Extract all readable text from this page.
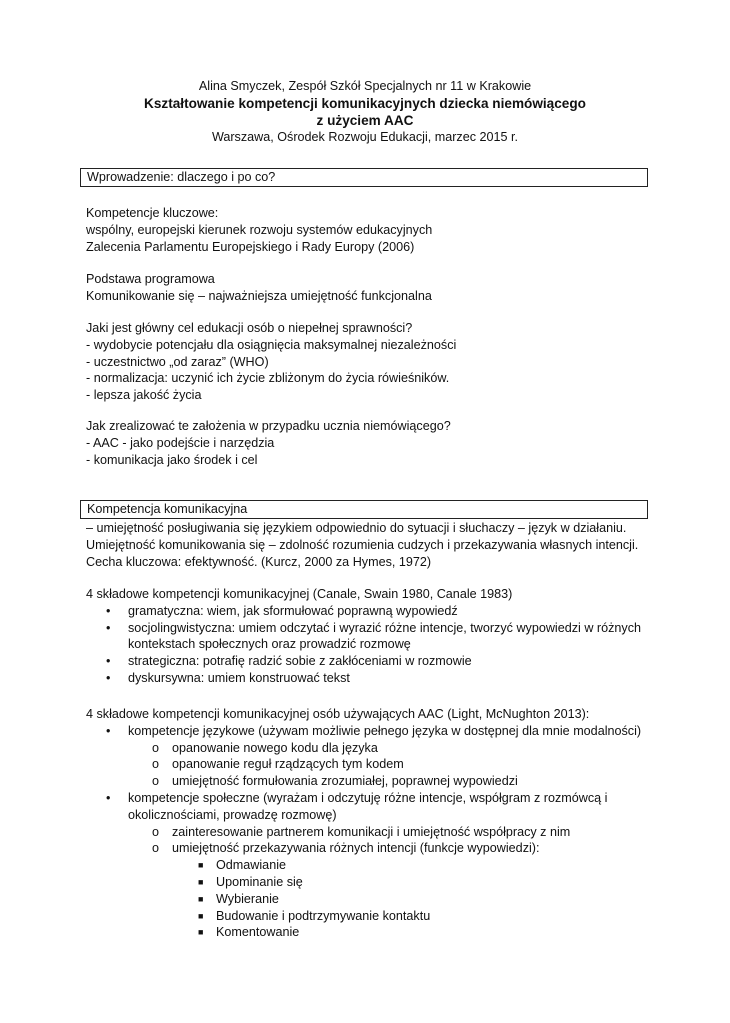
Alina Smyczek, Zespół Szkół Specjalnych nr 11 w Krakowie
Kształtowanie kompetencji komunikacyjnych dziecka niemówiącego
z użyciem AAC
Warszawa, Ośrodek Rozwoju Edukacji, marzec 2015 r.
Wprowadzenie: dlaczego i po co?
Kompetencje kluczowe:
wspólny, europejski kierunek rozwoju systemów edukacyjnych
Zalecenia Parlamentu Europejskiego i Rady Europy (2006)
Podstawa programowa
Komunikowanie się – najważniejsza umiejętność funkcjonalna
Jaki jest główny cel edukacji osób o niepełnej sprawności?
- wydobycie potencjału dla osiągnięcia maksymalnej niezależności
- uczestnictwo „od zaraz” (WHO)
- normalizacja: uczynić ich życie zbliżonym do życia rówieśników.
- lepsza jakość życia
Jak zrealizować te założenia w przypadku ucznia niemówiącego?
- AAC - jako podejście i narzędzia
- komunikacja jako środek i cel
Kompetencja komunikacyjna
– umiejętność posługiwania się językiem odpowiednio do sytuacji i słuchaczy – język w działaniu.
Umiejętność komunikowania się – zdolność rozumienia cudzych i przekazywania własnych intencji.
Cecha kluczowa: efektywność. (Kurcz, 2000 za Hymes, 1972)
4 składowe kompetencji komunikacyjnej (Canale, Swain 1980, Canale 1983)
• gramatyczna: wiem, jak sformułować poprawną wypowiedź
• socjolingwistyczna: umiem odczytać i wyrazić różne intencje, tworzyć wypowiedzi w różnych
kontekstach społecznych oraz prowadzić rozmowę
• strategiczna: potrafię radzić sobie z zakłóceniami w rozmowie
• dyskursywna: umiem konstruować tekst
4 składowe kompetencji komunikacyjnej osób używających AAC (Light, McNughton 2013):
• kompetencje językowe (używam możliwie pełnego języka w dostępnej dla mnie modalności)
o opanowanie nowego kodu dla języka
o opanowanie reguł rządzących tym kodem
o umiejętność formułowania zrozumiałej, poprawnej wypowiedzi
• kompetencje społeczne (wyrażam i odczytuję różne intencje, współgram z rozmówcą i
okolicznościami, prowadzę rozmowę)
o zainteresowanie partnerem komunikacji i umiejętność współpracy z nim
o umiejętność przekazywania różnych intencji (funkcje wypowiedzi):
■ Odmawianie
■ Upominanie się
■ Wybieranie
■ Budowanie i podtrzymywanie kontaktu
■ Komentowanie
